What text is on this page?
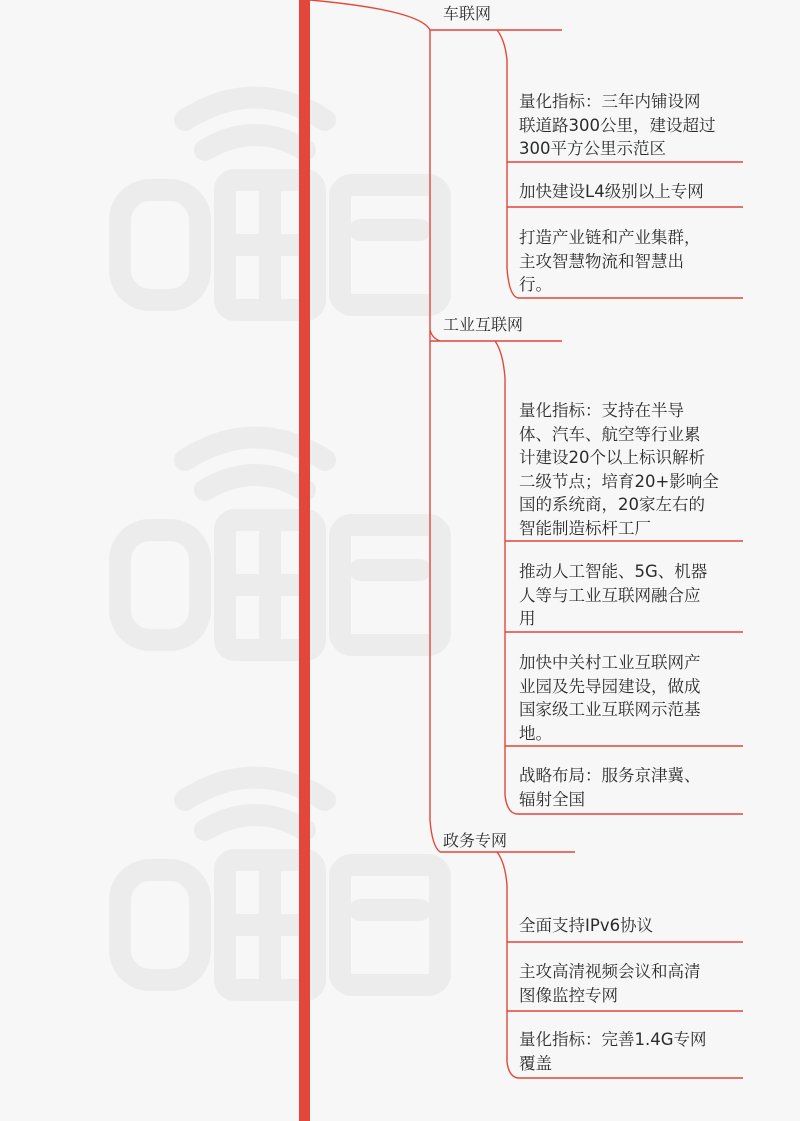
车联网
量化指标：三年内铺设网
联道路300公里，建设超过
300平方公里示范区
加快建设L4级别以上专网
打造产业链和产业集群，
主攻智慧物流和智慧出
行。
工业互联网
量化指标：支持在半导
体、汽车、航空等行业累
计建设20个以上标识解析
二级节点；培育20+影响全
国的系统商，20家左右的
智能制造标杆工厂
推动人工智能、5G、机器
人等与工业互联网融合应
用
加快中关村工业互联网产
业园及先导园建设，做成
国家级工业互联网示范基
地。
战略布局：服务京津冀、
辐射全国
政务专网
全面支持IPv6协议
主攻高清视频会议和高清
图像监控专网
量化指标：完善1.4G专网
覆盖
